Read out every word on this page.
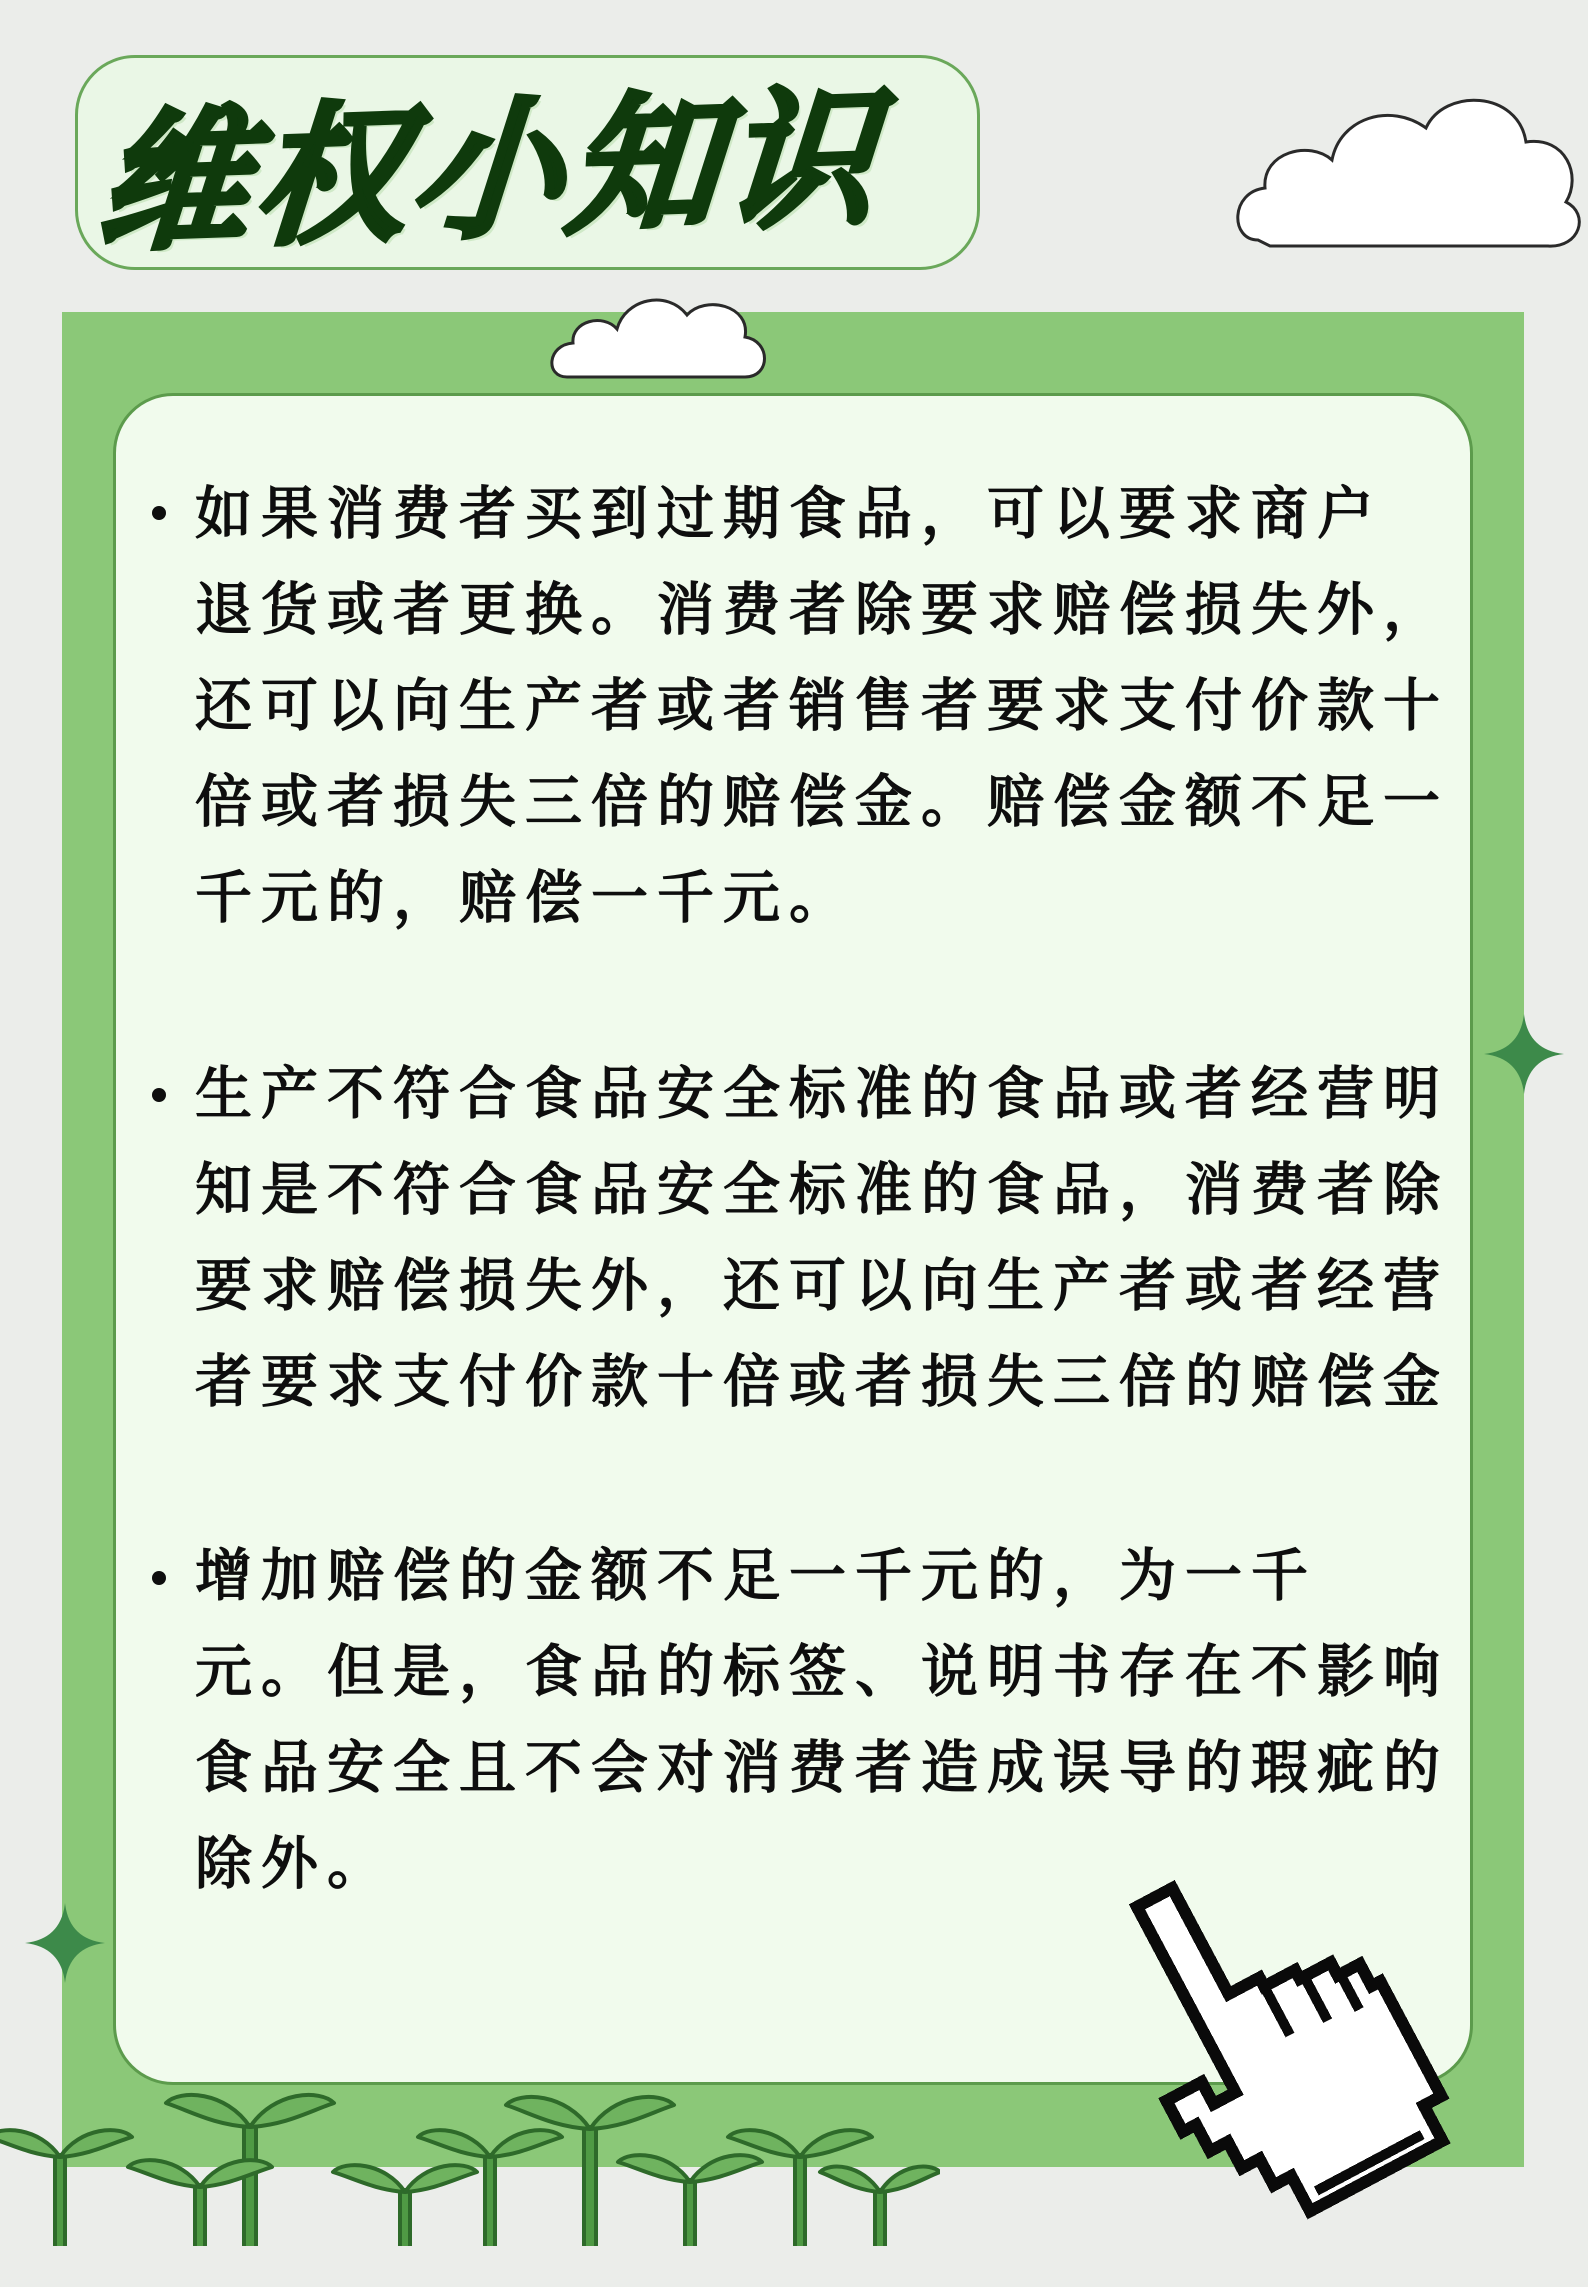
维权小知识
如果消费者买到过期食品，可以要求商户
退货或者更换。消费者除要求赔偿损失外，
还可以向生产者或者销售者要求支付价款十
倍或者损失三倍的赔偿金。赔偿金额不足一
千元的，赔偿一千元。
生产不符合食品安全标准的食品或者经营明
知是不符合食品安全标准的食品，消费者除
要求赔偿损失外，还可以向生产者或者经营
者要求支付价款十倍或者损失三倍的赔偿金
增加赔偿的金额不足一千元的，为一千
元。但是，食品的标签、说明书存在不影响
食品安全且不会对消费者造成误导的瑕疵的
除外。
